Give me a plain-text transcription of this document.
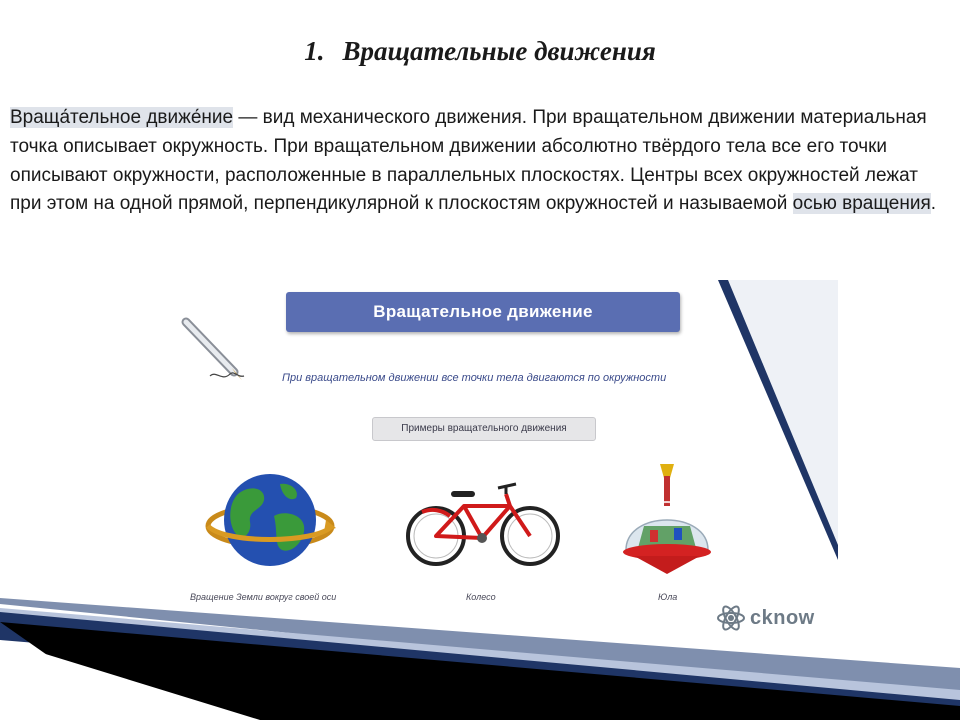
1. Вращательные движения

Враща́тельное движе́ние — вид механического движения. При вращательном движении материальная точка описывает окружность. При вращательном движении абсолютно твёрдого тела все его точки описывают окружности, расположенные в параллельных плоскостях. Центры всех окружностей лежат при этом на одной прямой, перпендикулярной к плоскостям окружностей и называемой осью вращения.

Вращательное движение
При вращательном движении все точки тела двигаются по окружности
Примеры вращательного движения
Вращение Земли вокруг своей оси	Колесо	Юла
cknow
